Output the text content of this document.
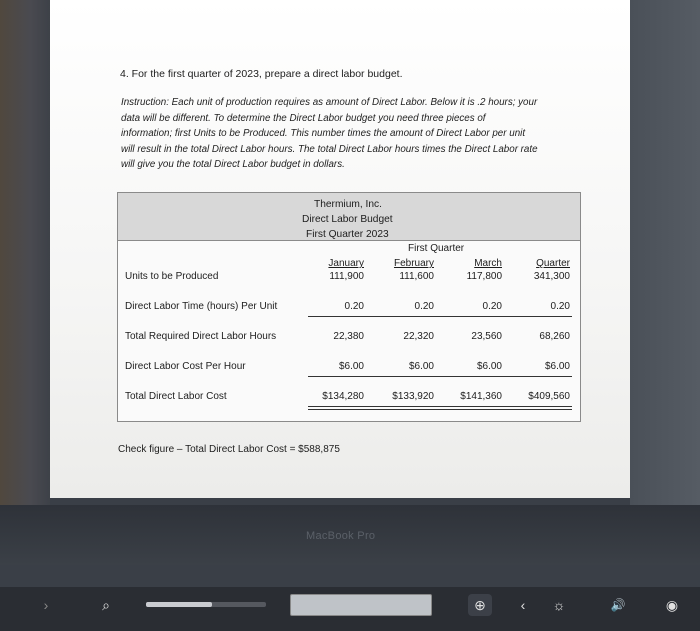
4. For the first quarter of 2023, prepare a direct labor budget.
Instruction: Each unit of production requires as amount of Direct Labor. Below it is .2 hours; your
data will be different. To determine the Direct Labor budget you need three pieces of
information; first Units to be Produced. This number times the amount of Direct Labor per unit
will result in the total Direct Labor hours. The total Direct Labor hours times the Direct Labor rate
will give you the total Direct Labor budget in dollars.
Thermium, Inc.
Direct Labor Budget
First Quarter 2023
First Quarter
January	February	March	Quarter
Units to be Produced	111,900	111,600	117,800	341,300
Direct Labor Time (hours) Per Unit	0.20	0.20	0.20	0.20
Total Required Direct Labor Hours	22,380	22,320	23,560	68,260
Direct Labor Cost Per Hour	$6.00	$6.00	$6.00	$6.00
Total Direct Labor Cost	$134,280	$133,920	$141,360	$409,560
Check figure – Total Direct Labor Cost = $588,875
MacBook Pro
›	⌕	⊕	‹	☼	🔊	◉
